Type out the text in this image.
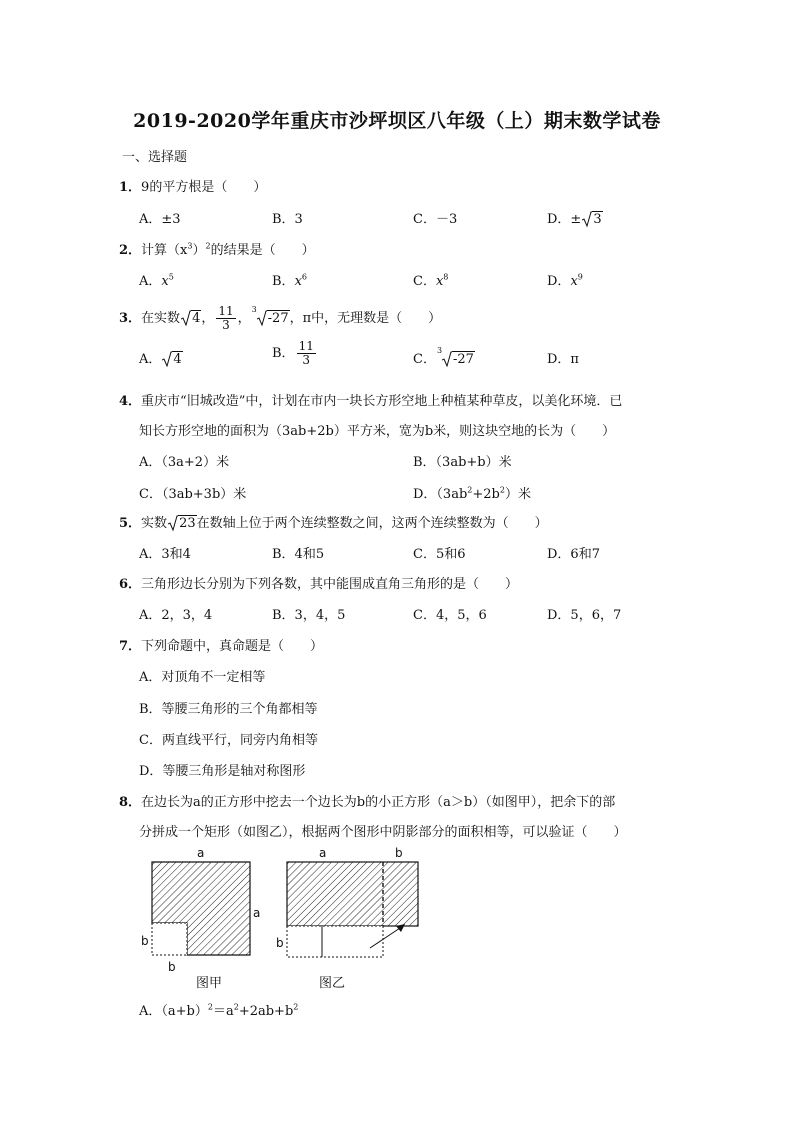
2019-2020学年重庆市沙坪坝区八年级（上）期末数学试卷
一、选择题
1．9的平方根是（　　）
A．±3	B．3	C．－3	D．± 3
2．计算$(x^3)^2$的结果是（　　）
A．$x^5$	B．$x^6$	C．$x^8$	D．$x^9$
3．在实数 4， $\frac{11}{3}$ ，
3
-27，π中，无理数是（　　）
A． 4	B． $\frac{11}{3}$	C．
3
-27	D．π
4．重庆市“旧城改造”中，计划在市内一块长方形空地上种植某种草皮，以美化环境．已
知长方形空地的面积为（3ab+2b）平方米，宽为b米，则这块空地的长为（　　）
A．（3a+2）米	B．（3ab+b）米
C．（3ab+3b）米	D．$(3ab^2+2b^2)$米
5．实数 23在数轴上位于两个连续整数之间，这两个连续整数为（　　）
A．3和4	B．4和5	C．5和6	D．6和7
6．三角形边长分别为下列各数，其中能围成直角三角形的是（　　）
A．2，3，4	B．3，4，5	C．4，5，6	D．5，6，7
7．下列命题中，真命题是（　　）
A．对顶角不一定相等
B．等腰三角形的三个角都相等
C．两直线平行，同旁内角相等
D．等腰三角形是轴对称图形
8．在边长为a的正方形中挖去一个边长为b的小正方形（a＞b）（如图甲），把余下的部
分拼成一个矩形（如图乙），根据两个图形中阴影部分的面积相等，可以验证（　　）
a
a
b
b
a	b
b
图甲	图乙
A．$(a+b)^2=a^2+2ab+b^2$
